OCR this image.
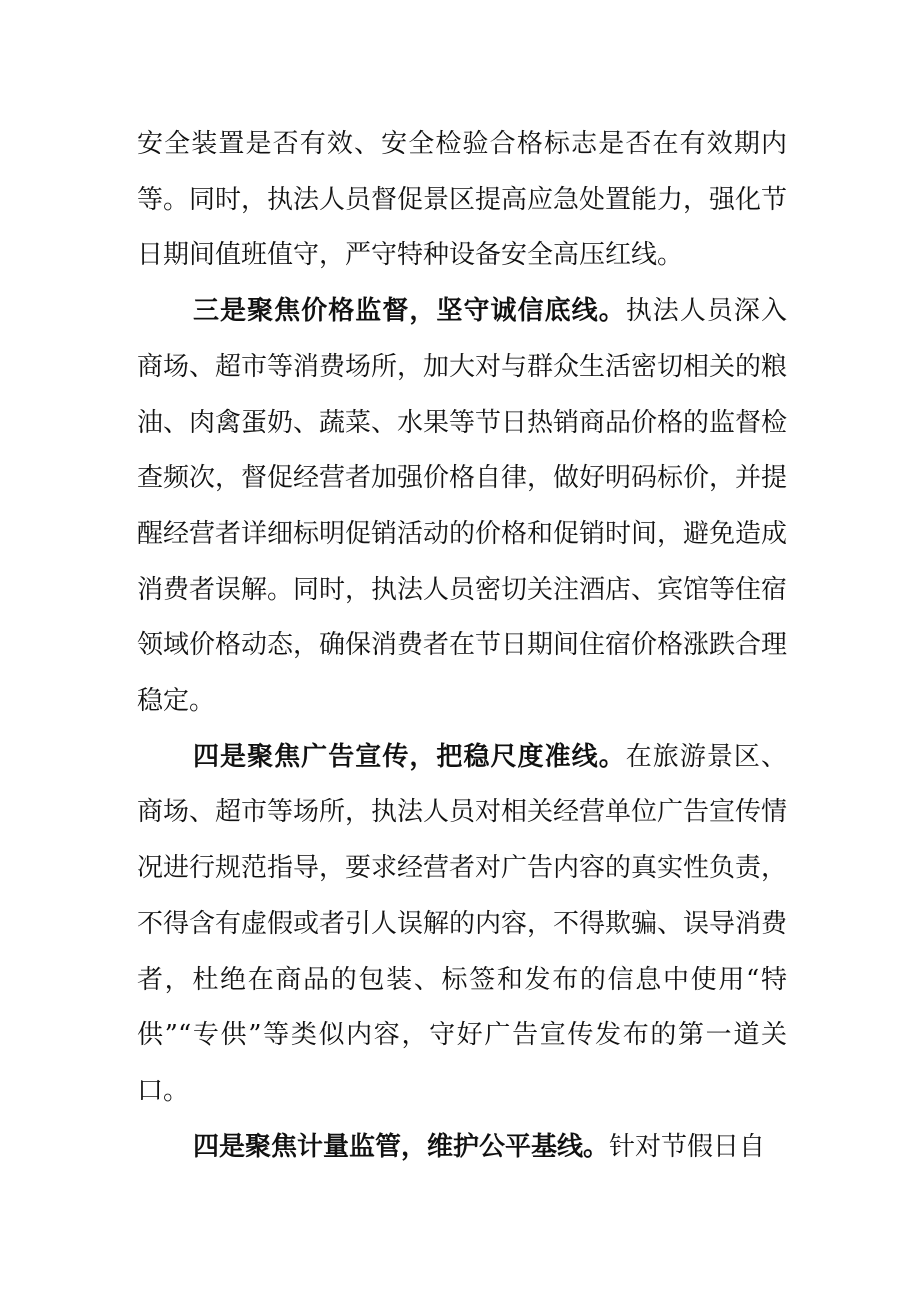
安全装置是否有效、安全检验合格标志是否在有效期内等。同时，执法人员督促景区提高应急处置能力，强化节日期间值班值守，严守特种设备安全高压红线。

三是聚焦价格监督，坚守诚信底线。执法人员深入商场、超市等消费场所，加大对与群众生活密切相关的粮油、肉禽蛋奶、蔬菜、水果等节日热销商品价格的监督检查频次，督促经营者加强价格自律，做好明码标价，并提醒经营者详细标明促销活动的价格和促销时间，避免造成消费者误解。同时，执法人员密切关注酒店、宾馆等住宿领域价格动态，确保消费者在节日期间住宿价格涨跌合理稳定。

四是聚焦广告宣传，把稳尺度准线。在旅游景区、商场、超市等场所，执法人员对相关经营单位广告宣传情况进行规范指导，要求经营者对广告内容的真实性负责，不得含有虚假或者引人误解的内容，不得欺骗、误导消费者，杜绝在商品的包装、标签和发布的信息中使用“特供”“专供”等类似内容，守好广告宣传发布的第一道关口。

四是聚焦计量监管，维护公平基线。针对节假日自
